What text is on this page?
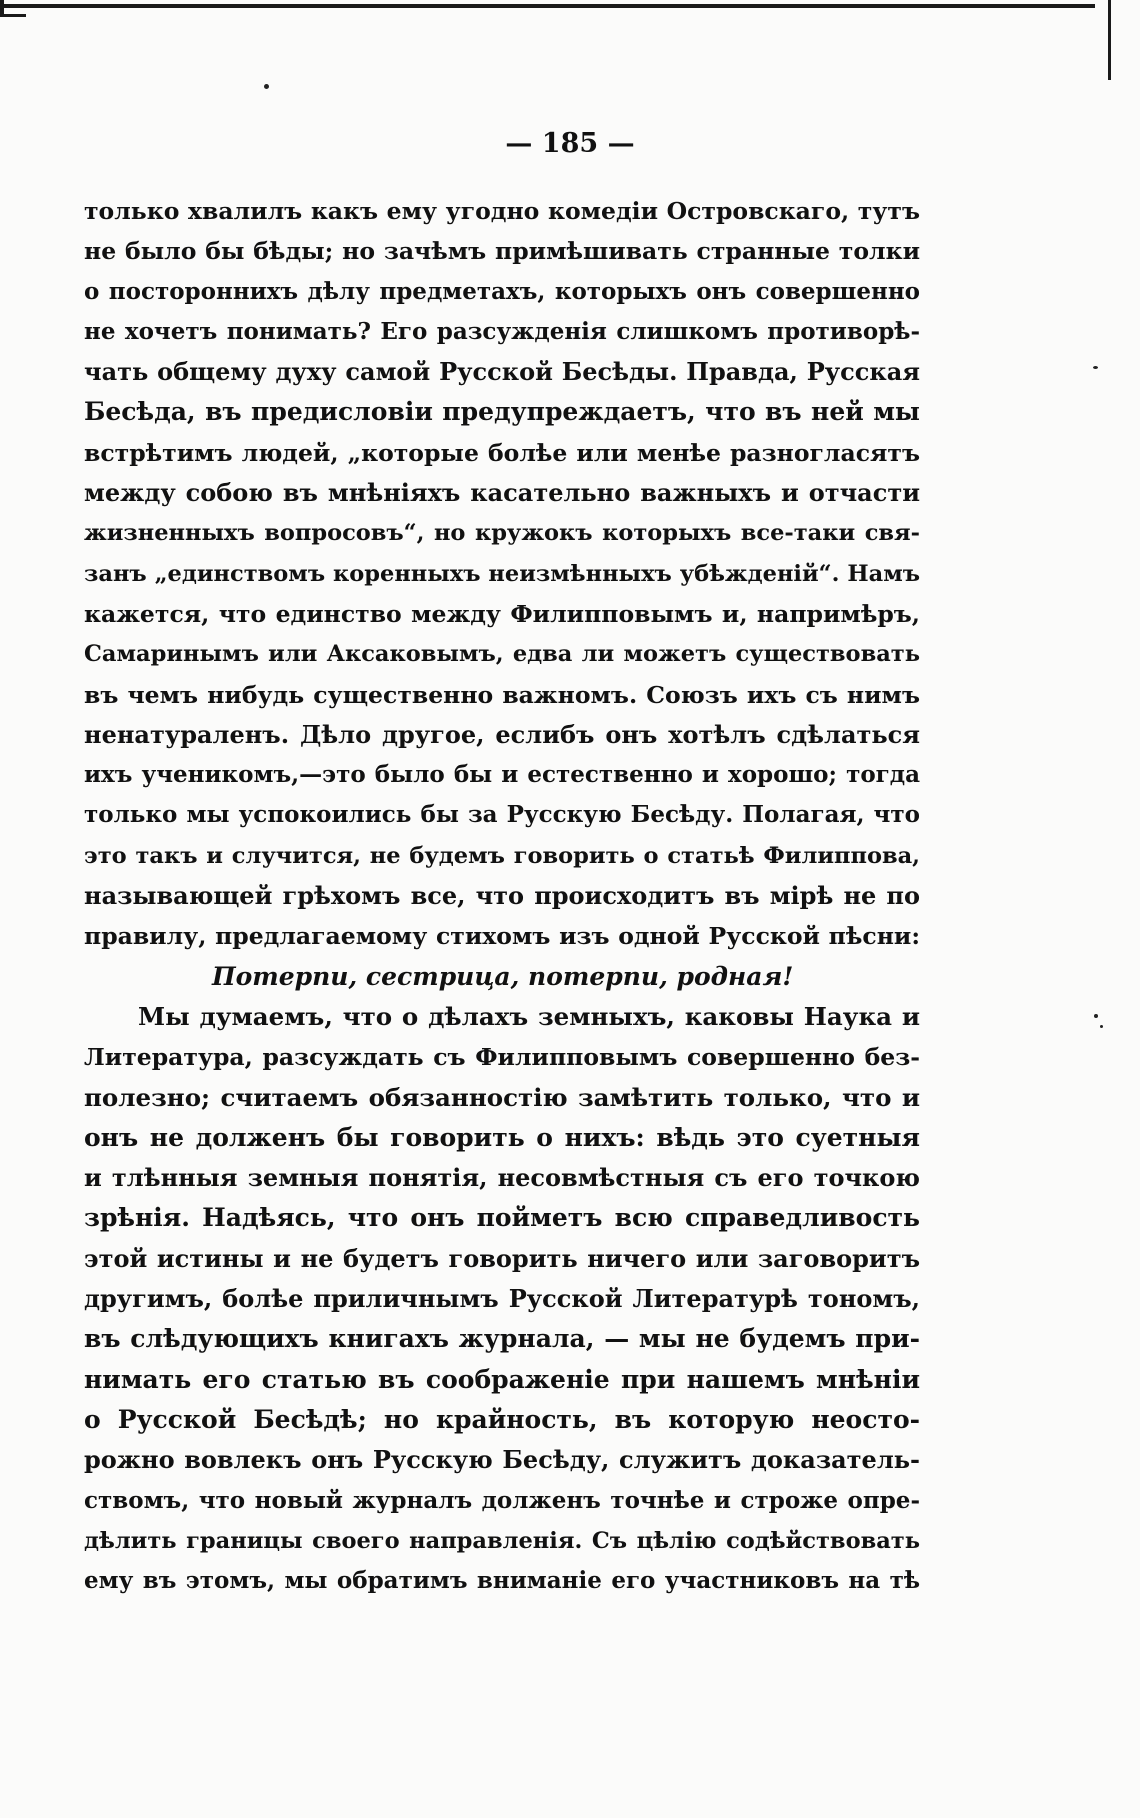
— 185 —
только хвалилъ какъ ему угодно комедіи Островскаго, тутъ
не было бы бѣды; но зачѣмъ примѣшивать странные толки
о постороннихъ дѣлу предметахъ, которыхъ онъ совершенно
не хочетъ понимать? Его разсужденія слишкомъ противорѣ-
чать общему духу самой Русской Бесѣды. Правда, Русская
Бесѣда, въ предисловіи предупреждаетъ, что въ ней мы
встрѣтимъ людей, „которые болѣе или менѣе разногласятъ
между собою въ мнѣніяхъ касательно важныхъ и отчасти
жизненныхъ вопросовъ“, но кружокъ которыхъ все-таки свя-
занъ „единствомъ коренныхъ неизмѣнныхъ убѣжденій“. Намъ
кажется, что единство между Филипповымъ и, напримѣръ,
Самаринымъ или Аксаковымъ, едва ли можетъ существовать
въ чемъ нибудь существенно важномъ. Союзъ ихъ съ нимъ
ненатураленъ. Дѣло другое, еслибъ онъ хотѣлъ сдѣлаться
ихъ ученикомъ,—это было бы и естественно и хорошо; тогда
только мы успокоились бы за Русскую Бесѣду. Полагая, что
это такъ и случится, не будемъ говорить о статьѣ Филиппова,
называющей грѣхомъ все, что происходитъ въ мірѣ не по
правилу, предлагаемому стихомъ изъ одной Русской пѣсни:
Потерпи, сестрица, потерпи, родная!
Мы думаемъ, что о дѣлахъ земныхъ, каковы Наука и
Литература, разсуждать съ Филипповымъ совершенно без-
полезно; считаемъ обязанностію замѣтить только, что и
онъ не долженъ бы говорить о нихъ: вѣдь это суетныя
и тлѣнныя земныя понятія, несовмѣстныя съ его точкою
зрѣнія. Надѣясь, что онъ пойметъ всю справедливость
этой истины и не будетъ говорить ничего или заговоритъ
другимъ, болѣе приличнымъ Русской Литературѣ тономъ,
въ слѣдующихъ книгахъ журнала, — мы не будемъ при-
нимать его статью въ соображеніе при нашемъ мнѣніи
о Русской Бесѣдѣ; но крайность, въ которую неосто-
рожно вовлекъ онъ Русскую Бесѣду, служитъ доказатель-
ствомъ, что новый журналъ долженъ точнѣе и строже опре-
дѣлить границы своего направленія. Съ цѣлію содѣйствовать
ему въ этомъ, мы обратимъ вниманіе его участниковъ на тѣ
